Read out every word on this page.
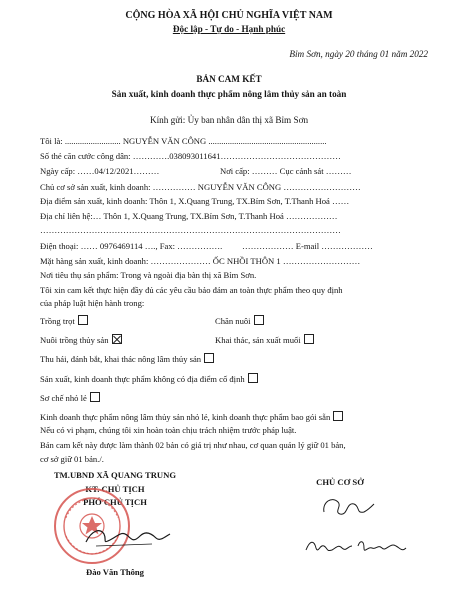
CỘNG HÒA XÃ HỘI CHỦ NGHĨA VIỆT NAM
Độc lập - Tự do - Hạnh phúc
Bỉm Sơn, ngày 20 tháng 01 năm 2022
BẢN CAM KẾT
Sản xuất, kinh doanh thực phẩm nông lâm thủy sản an toàn
Kính gửi: Ủy ban nhân dân thị xã Bỉm Sơn
Tôi là: .......................... NGUYỄN VĂN CÔNG .......................................................
Số thẻ căn cước công dân: ………….038093011641……………………………………
Ngày cấp: ……04/12/2021………	Nơi cấp: ……… Cục cảnh sát ………
Chủ cơ sở sản xuất, kinh doanh: …………… NGUYỄN VĂN CÔNG ………………………
Địa điểm sản xuất, kinh doanh: Thôn 1, X.Quang Trung, TX.Bỉm Sơn, T.Thanh Hoá ……
Địa chỉ liên hệ:… Thôn 1, X.Quang Trung, TX.Bỉm Sơn, T.Thanh Hoá ………………
……………………………………………………………………………………………
Điện thoại: …… 0976469114 …., Fax: ……………. ……………… E-mail ………………
Mặt hàng sản xuất, kinh doanh: ………………… ỐC NHỒI THÔN 1 ………………………
Nơi tiêu thụ sản phẩm: Trong và ngoài địa bàn thị xã Bỉm Sơn.
Tôi xin cam kết thực hiện đầy đủ các yêu cầu bảo đảm an toàn thực phẩm theo quy định
của pháp luật hiện hành trong:
Trồng trọt	Chăn nuôi
Nuôi trồng thủy sản	Khai thác, sản xuất muối
Thu hái, đánh bắt, khai thác nông lâm thủy sản
Sản xuất, kinh doanh thực phẩm không có địa điểm cố định
Sơ chế nhỏ lẻ
Kinh doanh thực phẩm nông lâm thủy sản nhỏ lẻ, kinh doanh thực phẩm bao gói sẵn
Nếu có vi phạm, chúng tôi xin hoàn toàn chịu trách nhiệm trước pháp luật.
Bản cam kết này được làm thành 02 bản có giá trị như nhau, cơ quan quản lý giữ 01 bản,
cơ sở giữ 01 bản./.
TM.UBND XÃ QUANG TRUNG
KT. CHỦ TỊCH
PHÓ CHỦ TỊCH
Đào Văn Thông
CHỦ CƠ SỞ
